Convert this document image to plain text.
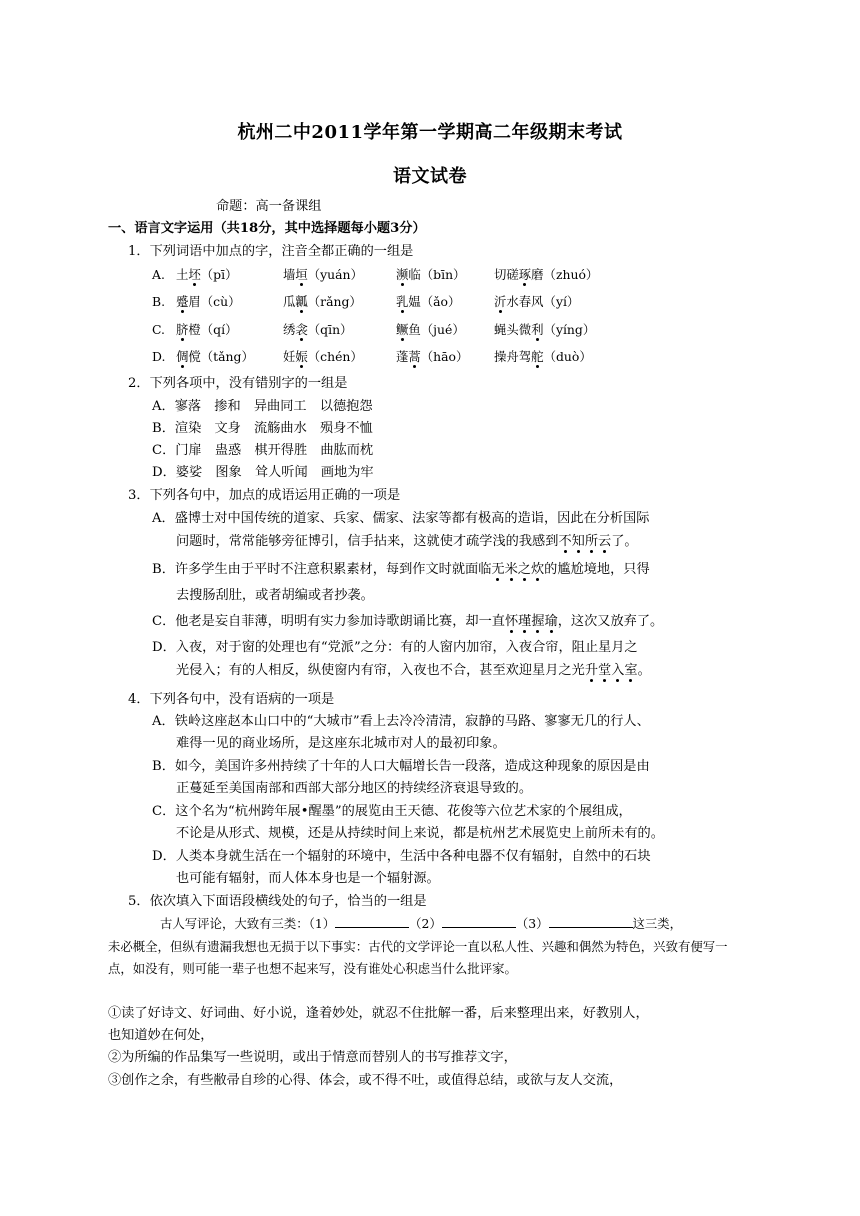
杭州二中2011学年第一学期高二年级期末考试
语文试卷
命题：高一备课组
一、语言文字运用（共18分，其中选择题每小题3分）
1．下列词语中加点的字，注音全都正确的一组是
A. 土坯（pī）	墙垣（yuán）	濒临（bīn） 切磋琢磨（zhuó）
B. 蹙眉（cù）	瓜瓤（rǎng）	乳媪（ǎo）	沂水春风（yí）
C. 脐橙（qí）	绣衾（qīn）	鳜鱼（jué） 蝇头微利（yíng）
D. 倜傥（tǎng） 妊娠（chén）	蓬蒿（hāo） 操舟驾舵（duò）
2．下列各项中，没有错别字的一组是
A．寥落　掺和　异曲同工　以德抱怨
B．渲染　文身　流觞曲水　殒身不恤
C．门扉　蛊惑　棋开得胜　曲肱而枕
D．婆娑　图象　耸人听闻　画地为牢
3．下列各句中，加点的成语运用正确的一项是
A．盛博士对中国传统的道家、兵家、儒家、法家等都有极高的造诣，因此在分析国际
问题时，常常能够旁征博引，信手拈来，这就使才疏学浅的我感到不知所云了。
B．许多学生由于平时不注意积累素材，每到作文时就面临无米之炊的尴尬境地，只得
去搜肠刮肚，或者胡编或者抄袭。
C．他老是妄自菲薄，明明有实力参加诗歌朗诵比赛，却一直怀瑾握瑜，这次又放弃了。
D．入夜，对于窗的处理也有“党派”之分：有的人窗内加帘，入夜合帘，阻止星月之
光侵入；有的人相反，纵使窗内有帘，入夜也不合，甚至欢迎星月之光升堂入室。
4．下列各句中，没有语病的一项是
A．铁岭这座赵本山口中的“大城市”看上去冷冷清清，寂静的马路、寥寥无几的行人、
难得一见的商业场所，是这座东北城市对人的最初印象。
B．如今，美国许多州持续了十年的人口大幅增长告一段落，造成这种现象的原因是由
正蔓延至美国南部和西部大部分地区的持续经济衰退导致的。
C．这个名为“杭州跨年展•醒墨”的展览由王天德、花俊等六位艺术家的个展组成，
不论是从形式、规模，还是从持续时间上来说，都是杭州艺术展览史上前所未有的。
D．人类本身就生活在一个辐射的环境中，生活中各种电器不仅有辐射，自然中的石块
也可能有辐射，而人体本身也是一个辐射源。
5．依次填入下面语段横线处的句子，恰当的一组是
古人写评论，大致有三类：（1）	（2）	（3）	这三类，
未必概全，但纵有遗漏我想也无损于以下事实：古代的文学评论一直以私人性、兴趣和偶然为特色，兴致有便写一点，如没有，则可能一辈子也想不起来写，没有谁处心积虑当什么批评家。
①读了好诗文、好词曲、好小说，逢着妙处，就忍不住批解一番，后来整理出来，好教别人，
也知道妙在何处，
②为所编的作品集写一些说明，或出于情意而替别人的书写推荐文字，
③创作之余，有些敝帚自珍的心得、体会，或不得不吐，或值得总结，或欲与友人交流，
